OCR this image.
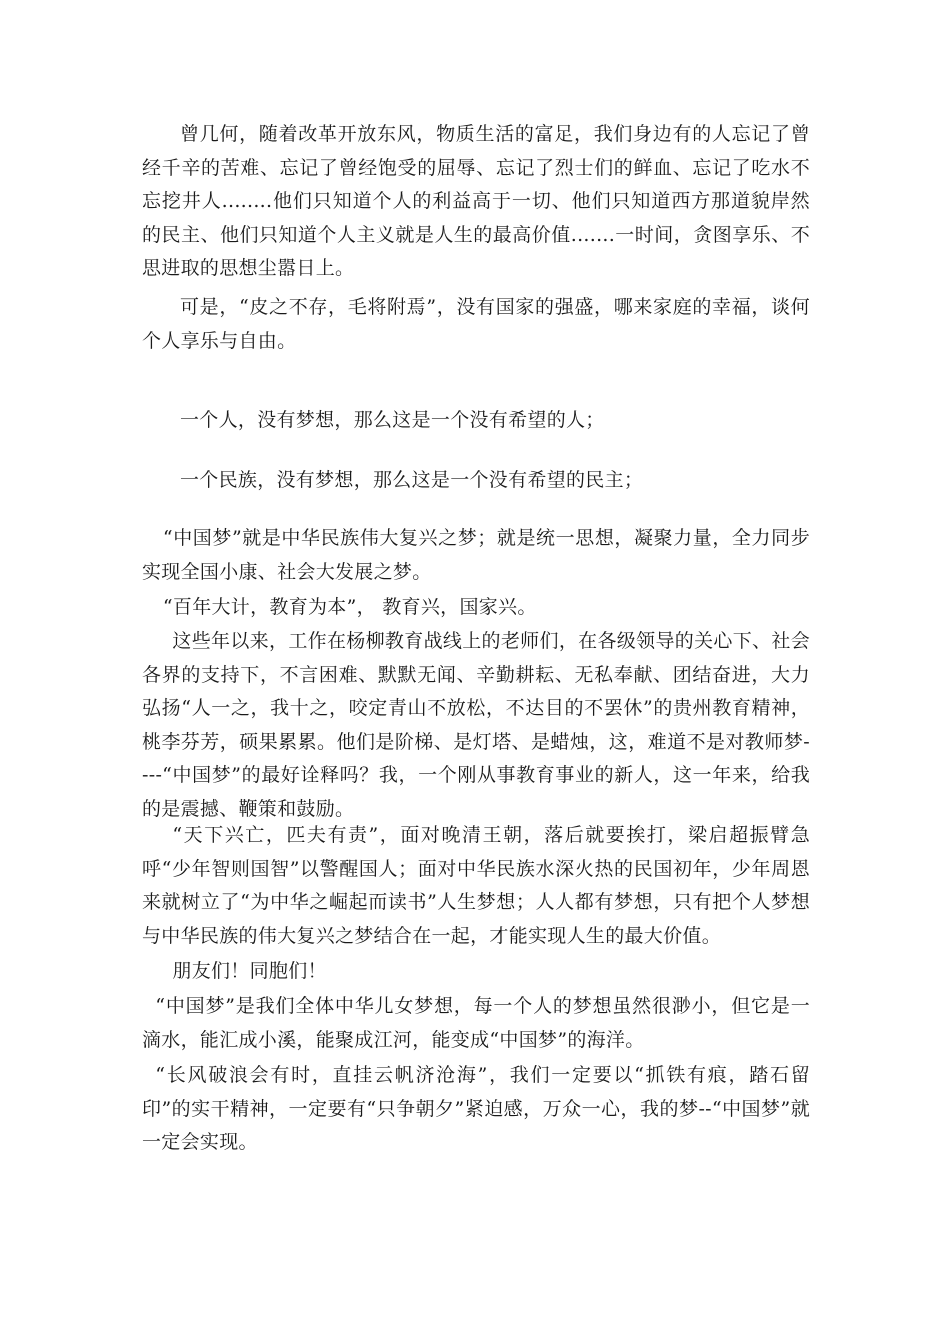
曾几何，随着改革开放东风，物质生活的富足，我们身边有的人忘记了曾经千辛的苦难、忘记了曾经饱受的屈辱、忘记了烈士们的鲜血、忘记了吃水不忘挖井人........他们只知道个人的利益高于一切、他们只知道西方那道貌岸然的民主、他们只知道个人主义就是人生的最高价值.......一时间，贪图享乐、不思进取的思想尘嚣日上。

可是，“皮之不存，毛将附焉”，没有国家的强盛，哪来家庭的幸福，谈何个人享乐与自由。

一个人，没有梦想，那么这是一个没有希望的人；

一个民族，没有梦想，那么这是一个没有希望的民主；

“中国梦”就是中华民族伟大复兴之梦；就是统一思想，凝聚力量，全力同步实现全国小康、社会大发展之梦。

“百年大计，教育为本”， 教育兴，国家兴。

这些年以来，工作在杨柳教育战线上的老师们，在各级领导的关心下、社会各界的支持下，不言困难、默默无闻、辛勤耕耘、无私奉献、团结奋进，大力弘扬“人一之，我十之，咬定青山不放松，不达目的不罢休”的贵州教育精神，桃李芬芳，硕果累累。他们是阶梯、是灯塔、是蜡烛，这，难道不是对教师梦----“中国梦”的最好诠释吗？我，一个刚从事教育事业的新人，这一年来，给我的是震撼、鞭策和鼓励。

“天下兴亡，匹夫有责”，面对晚清王朝，落后就要挨打，梁启超振臂急呼“少年智则国智”以警醒国人；面对中华民族水深火热的民国初年，少年周恩来就树立了“为中华之崛起而读书”人生梦想；人人都有梦想，只有把个人梦想与中华民族的伟大复兴之梦结合在一起，才能实现人生的最大价值。

朋友们！同胞们！

“中国梦”是我们全体中华儿女梦想，每一个人的梦想虽然很渺小，但它是一滴水，能汇成小溪，能聚成江河，能变成“中国梦”的海洋。

“长风破浪会有时，直挂云帆济沧海”，我们一定要以“抓铁有痕，踏石留印”的实干精神，一定要有“只争朝夕”紧迫感，万众一心，我的梦--“中国梦”就一定会实现。
